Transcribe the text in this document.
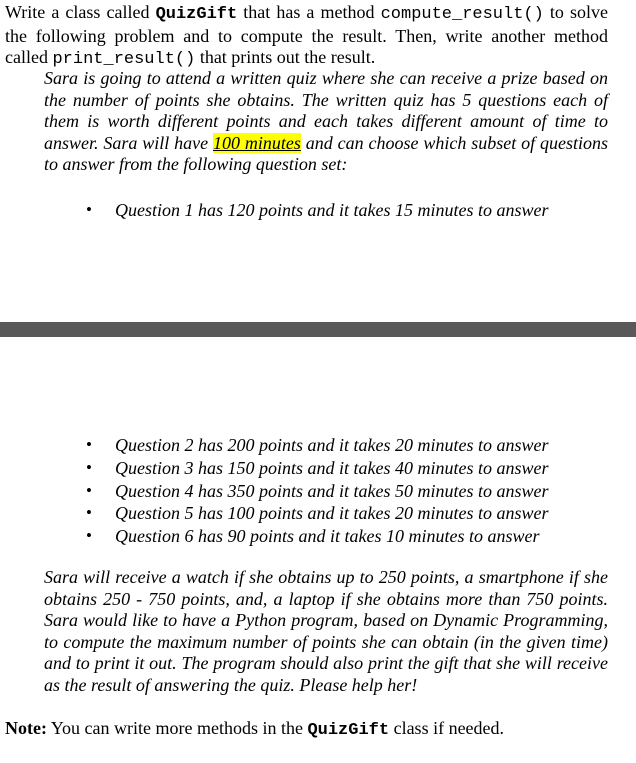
Write a class called QuizGift that has a method compute_result() to solve the following problem and to compute the result. Then, write another method called print_result() that prints out the result.
Sara is going to attend a written quiz where she can receive a prize based on the number of points she obtains. The written quiz has 5 questions each of them is worth different points and each takes different amount of time to answer. Sara will have 100 minutes and can choose which subset of questions to answer from the following question set:
• Question 1 has 120 points and it takes 15 minutes to answer
• Question 2 has 200 points and it takes 20 minutes to answer
• Question 3 has 150 points and it takes 40 minutes to answer
• Question 4 has 350 points and it takes 50 minutes to answer
• Question 5 has 100 points and it takes 20 minutes to answer
• Question 6 has 90 points and it takes 10 minutes to answer
Sara will receive a watch if she obtains up to 250 points, a smartphone if she obtains 250 - 750 points, and, a laptop if she obtains more than 750 points. Sara would like to have a Python program, based on Dynamic Programming, to compute the maximum number of points she can obtain (in the given time) and to print it out. The program should also print the gift that she will receive as the result of answering the quiz. Please help her!
Note: You can write more methods in the QuizGift class if needed.
